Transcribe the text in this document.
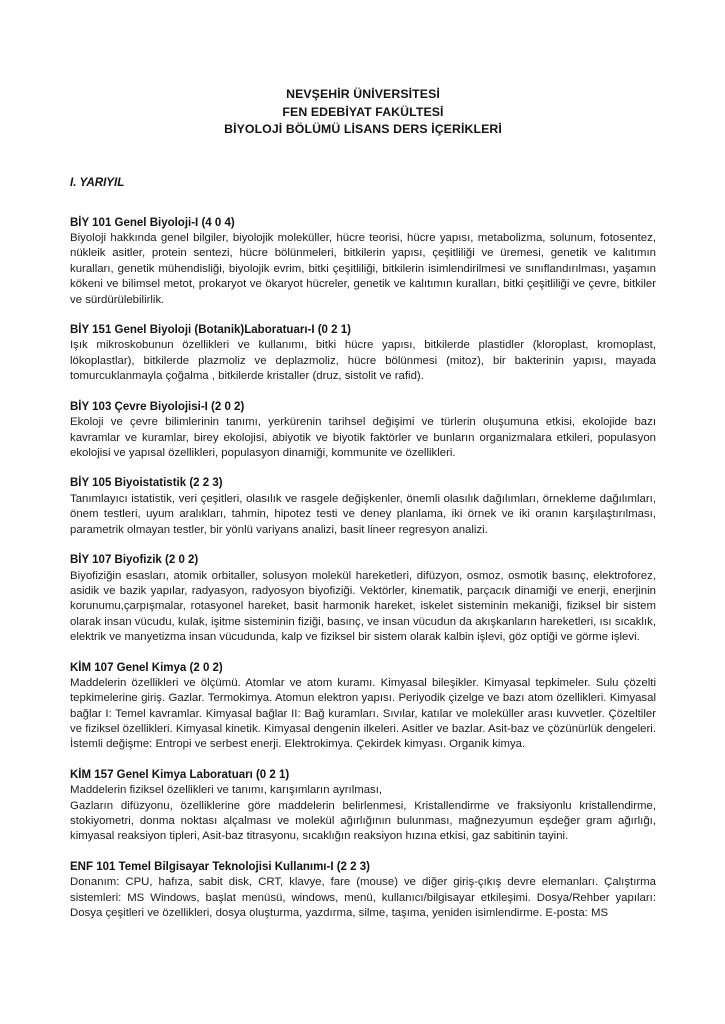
NEVŞEHİR ÜNİVERSİTESİ
FEN EDEBİYAT FAKÜLTESİ
BİYOLOJİ BÖLÜMÜ LİSANS DERS İÇERİKLERİ
I. YARIYIL
BİY 101 Genel Biyoloji-I (4 0 4)

Biyoloji hakkında genel bilgiler, biyolojik moleküller, hücre teorisi, hücre yapısı, metabolizma, solunum, fotosentez, nükleik asitler, protein sentezi, hücre bölünmeleri, bitkilerin yapısı, çeşitliliği ve üremesi, genetik ve kalıtımın kuralları, genetik mühendisliği, biyolojik evrim, bitki çeşitliliği, bitkilerin isimlendirilmesi ve sınıflandırılması, yaşamın kökeni ve bilimsel metot, prokaryot ve ökaryot hücreler, genetik ve kalıtımın kuralları, bitki çeşitliliği ve çevre, bitkiler ve sürdürülebilirlik.

BİY 151 Genel Biyoloji (Botanik)Laboratuarı-I (0 2 1)

Işık mikroskobunun özellikleri ve kullanımı, bitki hücre yapısı, bitkilerde plastidler (kloroplast, kromoplast, lökoplastlar), bitkilerde plazmoliz ve deplazmoliz, hücre bölünmesi (mitoz), bir bakterinin yapısı, mayada tomurcuklanmayla çoğalma , bitkilerde kristaller (druz, sistolit ve rafid).

BİY 103 Çevre Biyolojisi-I (2 0 2)

Ekoloji ve çevre bilimlerinin tanımı, yerkürenin tarihsel değişimi ve türlerin oluşumuna etkisi, ekolojide bazı kavramlar ve kuramlar, birey ekolojisi, abiyotik ve biyotik faktörler ve bunların organizmalara etkileri, populasyon ekolojisi ve yapısal özellikleri, populasyon dinamiği, kommunite ve özellikleri.

BİY 105 Biyoistatistik (2 2 3)

Tanımlayıcı istatistik, veri çeşitleri, olasılık ve rasgele değişkenler, önemli olasılık dağılımları, örnekleme dağılımları, önem testleri, uyum aralıkları, tahmin, hipotez testi ve deney planlama, iki örnek ve iki oranın karşılaştırılması, parametrik olmayan testler, bir yönlü variyans analizi, basit lineer regresyon analizi.

BİY 107 Biyofizik (2 0 2)

Biyofiziğin esasları, atomik orbitaller, solusyon molekül hareketleri, difüzyon, osmoz, osmotik basınç, elektroforez, asidik ve bazik yapılar, radyasyon, radyosyon biyofiziği. Vektörler, kinematik, parçacık dinamiği ve enerji, enerjinin korunumu,çarpışmalar, rotasyonel hareket, basit harmonik hareket, iskelet sisteminin mekaniği, fiziksel bir sistem olarak insan vücudu, kulak, işitme sisteminin fiziği, basınç, ve insan vücudun da akışkanların hareketleri, ısı sıcaklık, elektrik ve manyetizma insan vücudunda, kalp ve fiziksel bir sistem olarak kalbin işlevi, göz optiği ve görme işlevi.

KİM 107 Genel Kimya (2 0 2)

Maddelerin özellikleri ve ölçümü. Atomlar ve atom kuramı. Kimyasal bileşikler. Kimyasal tepkimeler. Sulu çözelti tepkimelerine giriş. Gazlar. Termokimya. Atomun elektron yapısı. Periyodik çizelge ve bazı atom özellikleri. Kimyasal bağlar I: Temel kavramlar. Kimyasal bağlar II: Bağ kuramları. Sıvılar, katılar ve moleküller arası kuvvetler. Çözeltiler ve fiziksel özellikleri. Kimyasal kinetik. Kimyasal dengenin ilkeleri. Asitler ve bazlar. Asit-baz ve çözünürlük dengeleri. İstemli değişme: Entropi ve serbest enerji. Elektrokimya. Çekirdek kimyası. Organik kimya.

KİM 157 Genel Kimya Laboratuarı (0 2 1)

Maddelerin fiziksel özellikleri ve tanımı, karışımların ayrılması,

Gazların difüzyonu, özelliklerine göre maddelerin belirlenmesi, Kristallendirme ve fraksiyonlu kristallendirme, stokiyometri, donma noktası alçalması ve molekül ağırlığının bulunması, mağnezyumun eşdeğer gram ağırlığı, kimyasal reaksiyon tipleri, Asit-baz titrasyonu, sıcaklığın reaksiyon hızına etkisi, gaz sabitinin tayini.

ENF 101 Temel Bilgisayar Teknolojisi Kullanımı-I (2 2 3)

Donanım: CPU, hafıza, sabit disk, CRT, klavye, fare (mouse) ve diğer giriş-çıkış devre elemanları. Çalıştırma sistemleri: MS Windows, başlat menüsü, windows, menü, kullanıcı/bilgisayar etkileşimi. Dosya/Rehber yapıları: Dosya çeşitleri ve özellikleri, dosya oluşturma, yazdırma, silme, taşıma, yeniden isimlendirme. E-posta: MS
